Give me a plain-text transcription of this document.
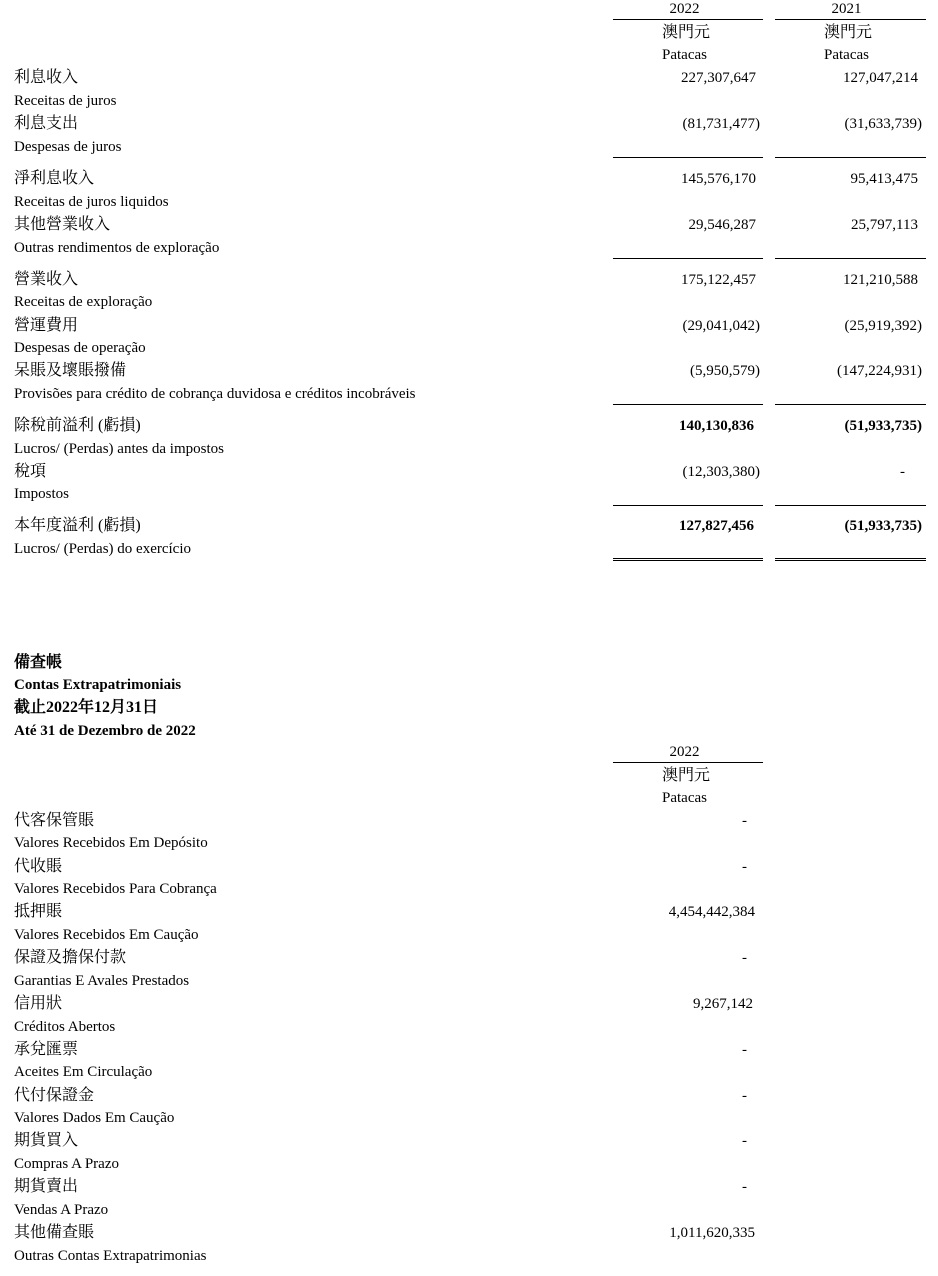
2022	2021
澳門元	澳門元
Patacas	Patacas
利息收入
Receitas de juros
227,307,647	127,047,214
利息支出
Despesas de juros
(81,731,477)	(31,633,739)
淨利息收入
Receitas de juros liquidos
145,576,170	95,413,475
其他營業收入
Outras rendimentos de exploração
29,546,287	25,797,113
營業收入
Receitas de exploração
175,122,457	121,210,588
營運費用
Despesas de operação
(29,041,042)	(25,919,392)
呆賬及壞賬撥備
Provisões para crédito de cobrança duvidosa e créditos incobráveis
(5,950,579)	(147,224,931)
除稅前溢利 (虧損)
Lucros/ (Perdas) antes da impostos
140,130,836	(51,933,735)
稅項
Impostos
(12,303,380)	-
本年度溢利 (虧損)
Lucros/ (Perdas) do exercício
127,827,456	(51,933,735)
備查帳
Contas Extrapatrimoniais
截止2022年12月31日
Até 31 de Dezembro de 2022
2022
澳門元
Patacas
代客保管賬
Valores Recebidos Em Depósito
-
代收賬
Valores Recebidos Para Cobrança
-
抵押賬
Valores Recebidos Em Caução
4,454,442,384
保證及擔保付款
Garantias E Avales Prestados
-
信用狀
Créditos Abertos
9,267,142
承兌匯票
Aceites Em Circulação
-
代付保證金
Valores Dados Em Caução
-
期貨買入
Compras A Prazo
-
期貨賣出
Vendas A Prazo
-
其他備查賬
Outras Contas Extrapatrimonias
1,011,620,335
